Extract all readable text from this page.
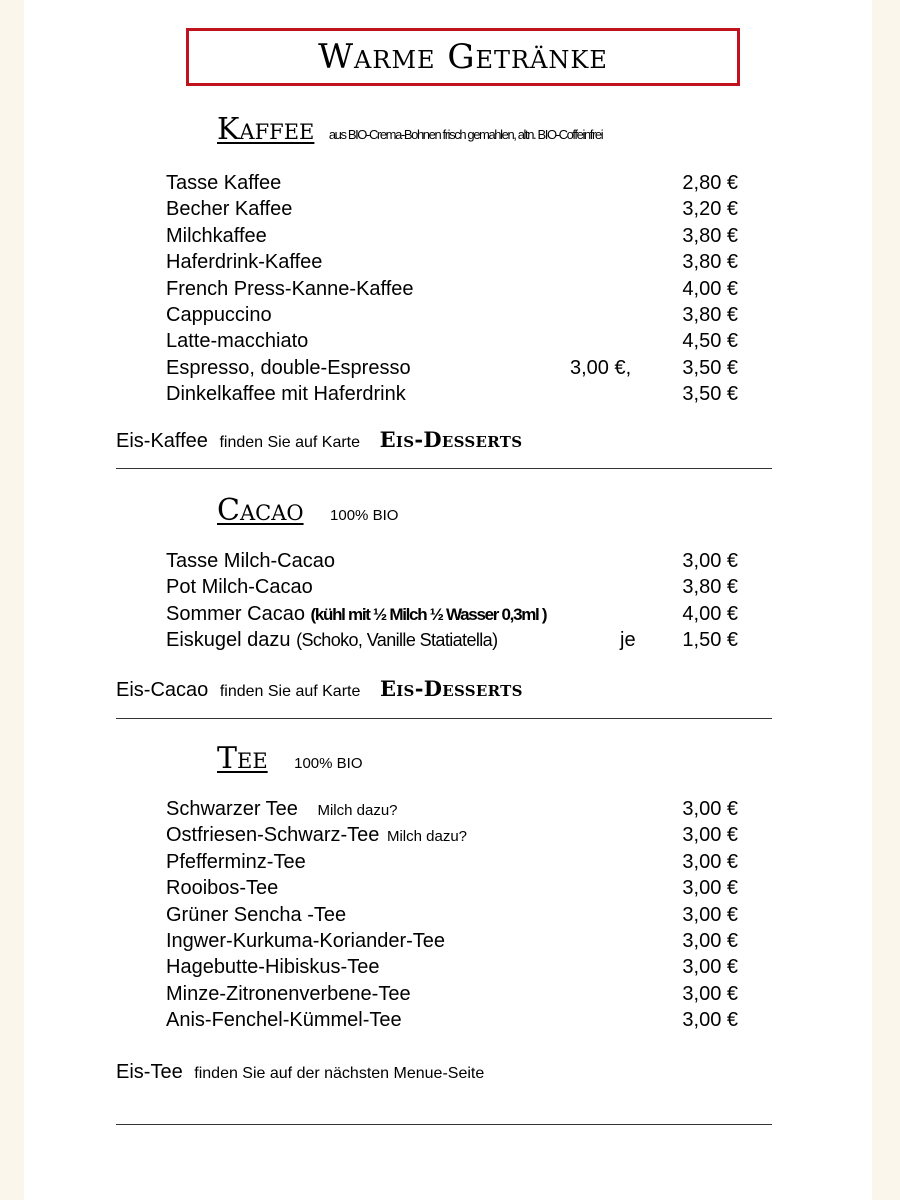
Warme Getränke
Kaffee aus BIO-Crema-Bohnen frisch gemahlen, altn. BIO-Coffeinfrei
Tasse Kaffee	2,80 €
Becher Kaffee	3,20 €
Milchkaffee	3,80 €
Haferdrink-Kaffee	3,80 €
French Press-Kanne-Kaffee	4,00 €
Cappuccino	3,80 €
Latte-macchiato	4,50 €
Espresso, double-Espresso	3,00 €,	3,50 €
Dinkelkaffee mit Haferdrink	3,50 €
Eis-Kaffee finden Sie auf Karte Eis-Desserts
Cacao 100% BIO
Tasse Milch-Cacao	3,00 €
Pot Milch-Cacao	3,80 €
Sommer Cacao (kühl mit ½ Milch ½ Wasser 0,3ml )	4,00 €
Eiskugel dazu (Schoko, Vanille Statiatella)	je 1,50 €
Eis-Cacao finden Sie auf Karte Eis-Desserts
Tee 100% BIO
Schwarzer Tee Milch dazu?	3,00 €
Ostfriesen-Schwarz-Tee Milch dazu?	3,00 €
Pfefferminz-Tee	3,00 €
Rooibos-Tee	3,00 €
Grüner Sencha -Tee	3,00 €
Ingwer-Kurkuma-Koriander-Tee	3,00 €
Hagebutte-Hibiskus-Tee	3,00 €
Minze-Zitronenverbene-Tee	3,00 €
Anis-Fenchel-Kümmel-Tee	3,00 €
Eis-Tee finden Sie auf der nächsten Menue-Seite
